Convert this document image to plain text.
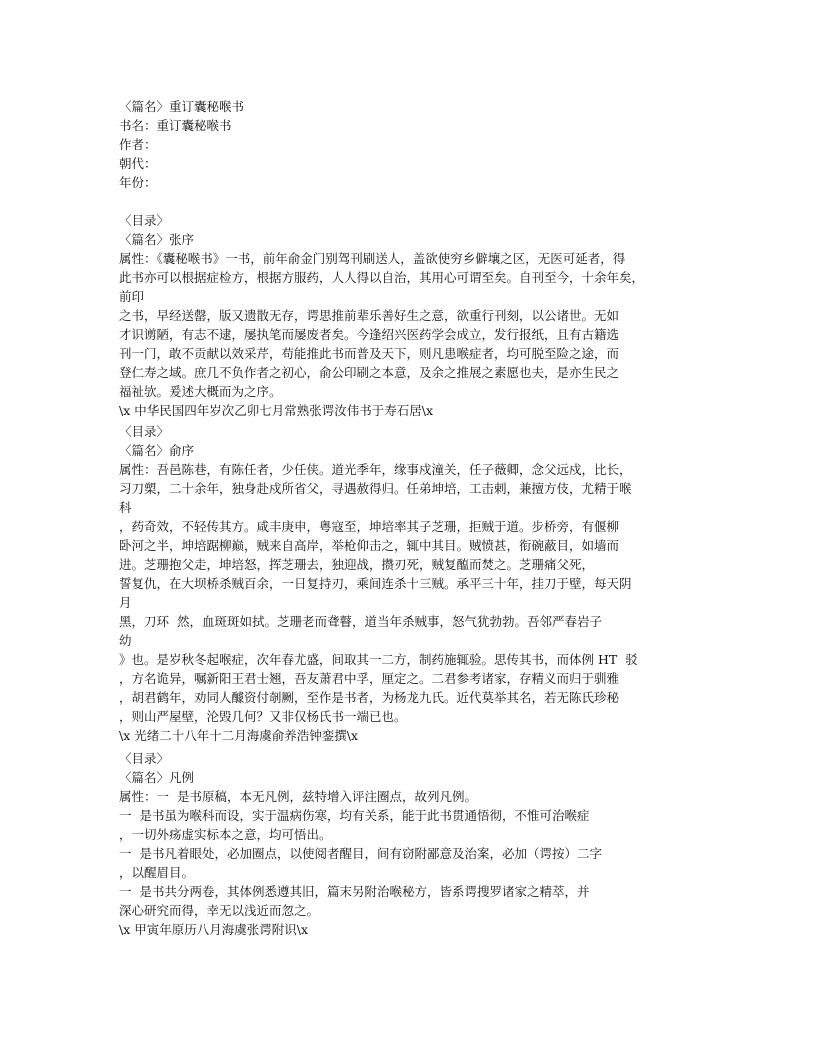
〈篇名〉重订囊秘喉书
书名：重订囊秘喉书
作者：
朝代：
年份：
〈目录〉
〈篇名〉张序
属性：《囊秘喉书》一书，前年俞金门别驾刊刷送人，盖欲使穷乡僻壤之区，无医可延者，得
此书亦可以根据症检方，根据方服药，人人得以自治，其用心可谓至矣。自刊至今，十余年矣，
前印
之书，早经送罄，版又遗散无存，谔思推前辈乐善好生之意，欲重行刊刻，以公诸世。无如
才识谫陋，有志不逮，屡执笔而屡废者矣。今逢绍兴医药学会成立，发行报纸，且有古籍选
刊一门，敢不贡献以效采芹，苟能推此书而普及天下，则凡患喉症者，均可脱至险之途，而
登仁寿之域。庶几不负作者之初心，俞公印刷之本意，及余之推展之素愿也夫，是亦生民之
福祉欤。爰述大概而为之序。
\x 中华民国四年岁次乙卯七月常熟张谔汝伟书于寿石居\x
〈目录〉
〈篇名〉俞序
属性：吾邑陈巷，有陈任者，少任侠。道光季年，缘事戍潼关，任子薇卿，念父远戍，比长，
习刀槊，二十余年，独身赴戍所省父，寻遇赦得归。任弟坤培，工击剌，兼擅方伎，尤精于喉
科
，药奇效，不轻传其方。咸丰庚申，粤寇至，坤培率其子芝珊，拒贼于道。步桥旁，有偃柳
卧河之半，坤培踞柳巅，贼来自高岸，举枪仰击之，辄中其目。贼愤甚，衔碗蔽目，如墙而
进。芝珊抱父走，坤培怒，挥芝珊去，独迎战，攒刃死，贼复醢而焚之。芝珊痛父死，
誓复仇，在大坝桥杀贼百余，一日复持刃，乘间连杀十三贼。承平三十年，挂刀于壁，每天阴
月
黑，刀环  然，血斑斑如拭。芝珊老而聋瞽，道当年杀贼事，怒气犹勃勃。吾邻严春岩子
幼
》也。是岁秋冬起喉症，次年春尤盛，间取其一二方，制药施辄验。思传其书，而体例 HT  驳
，方名诡异，嘱新阳王君士翘，吾友萧君中孚，厘定之。二君参考诸家，存精义而归于驯雅
，胡君鹤年，劝同人醵资付剞劂，至作是书者，为杨龙九氏。近代莫举其名，若无陈氏珍秘
，则山严屋壁，沦毁几何？又非仅杨氏书一端已也。
\x 光绪二十八年十二月海虞俞养浩钟銮撰\x
〈目录〉
〈篇名〉凡例
属性：一  是书原稿，本无凡例，兹特增入评注圈点，故列凡例。
一  是书虽为喉科而设，实于温病伤寒，均有关系，能于此书贯通悟彻，不惟可治喉症
，一切外疡虚实标本之意，均可悟出。
一  是书凡着眼处，必加圈点，以使阅者醒目，间有窃附鄙意及治案，必加（谔按）二字
，以醒眉目。
一  是书共分两卷，其体例悉遵其旧，篇末另附治喉秘方，皆系谔搜罗诸家之精萃，并
深心研究而得，幸无以浅近而忽之。
\x 甲寅年原历八月海虞张谔附识\x
